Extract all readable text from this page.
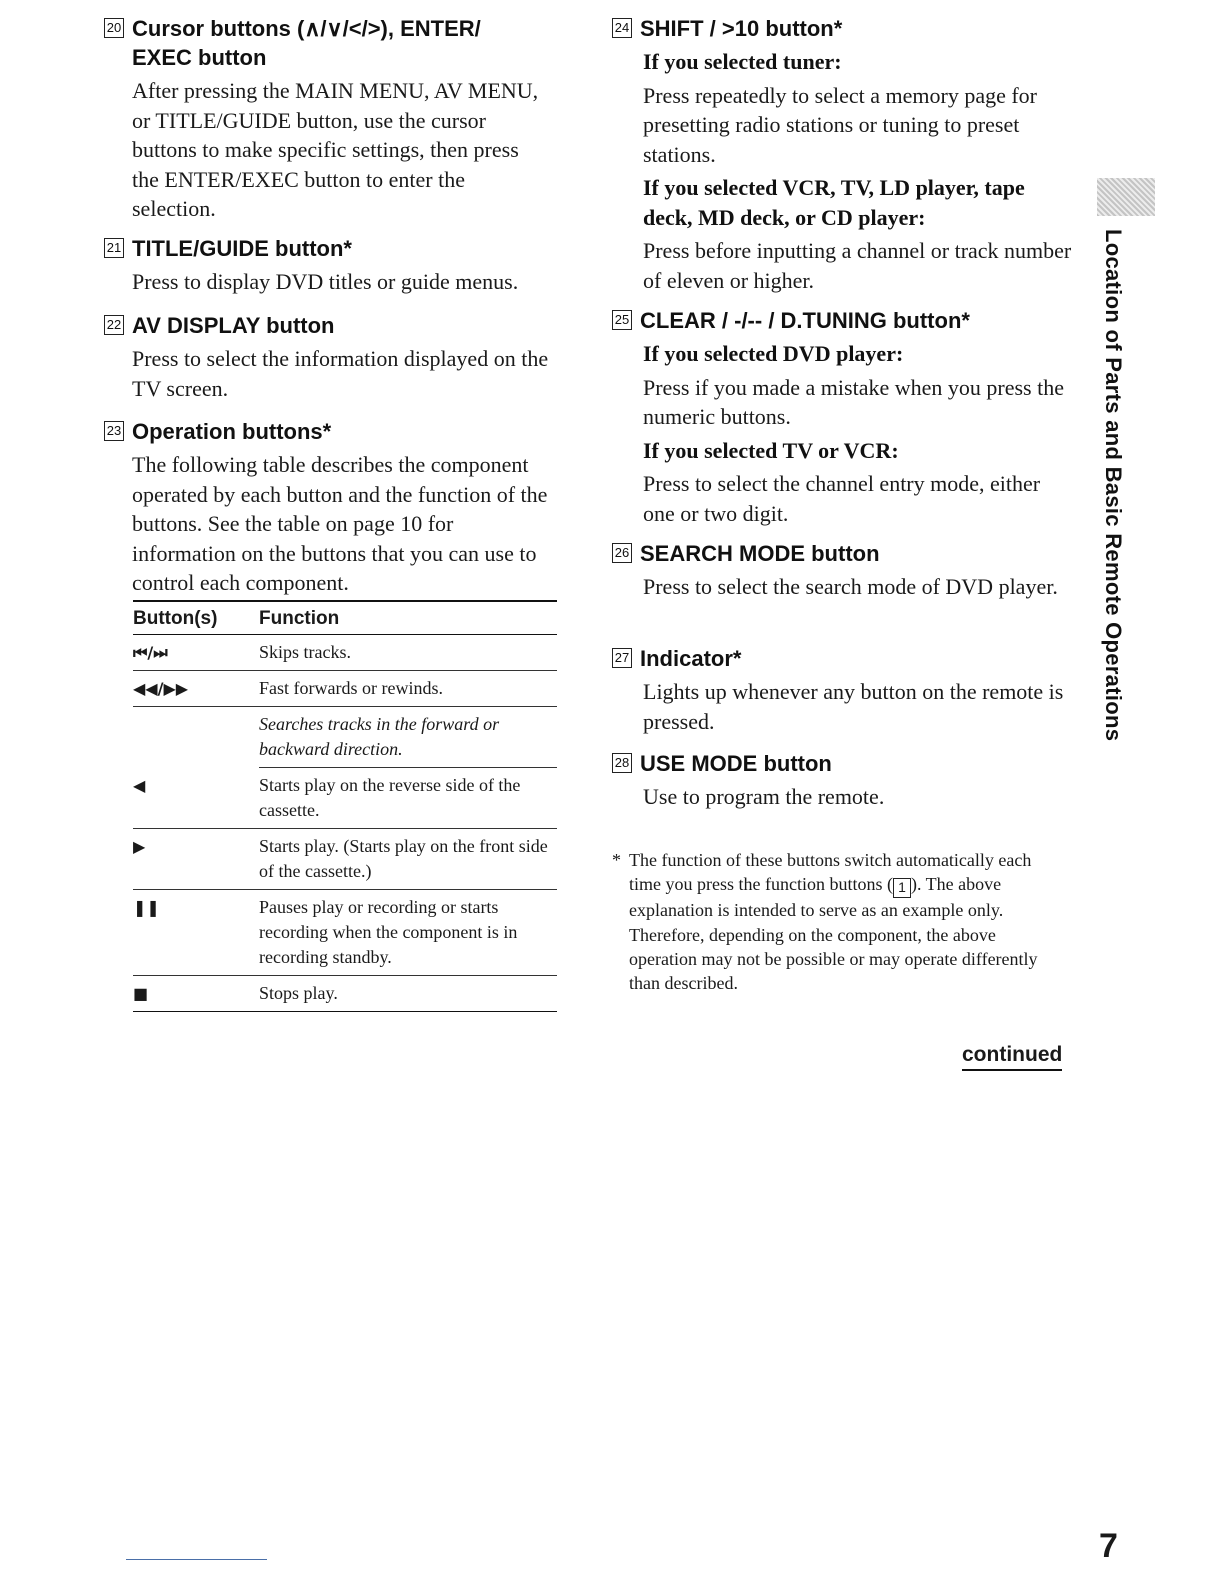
20 Cursor buttons (∧/∨/</>), ENTER/ EXEC button

After pressing the MAIN MENU, AV MENU, or TITLE/GUIDE button, use the cursor buttons to make specific settings, then press the ENTER/EXEC button to enter the selection.

21 TITLE/GUIDE button*

Press to display DVD titles or guide menus.

22 AV DISPLAY button

Press to select the information displayed on the TV screen.

23 Operation buttons*

The following table describes the component operated by each button and the function of the buttons. See the table on page 10 for information on the buttons that you can use to control each component.

Button(s)	Function
⏮/⏭	Skips tracks.
◀◀/▶▶	Fast forwards or rewinds.
	Searches tracks in the forward or backward direction.
◀	Starts play on the reverse side of the cassette.
▶	Starts play. (Starts play on the front side of the cassette.)
❚❚	Pauses play or recording or starts recording when the component is in recording standby.
■	Stops play.
24 SHIFT / >10 button*
If you selected tuner:
Press repeatedly to select a memory page for presetting radio stations or tuning to preset stations.
If you selected VCR, TV, LD player, tape deck, MD deck, or CD player:
Press before inputting a channel or track number of eleven or higher.
25 CLEAR / -/-- / D.TUNING button*
If you selected DVD player:
Press if you made a mistake when you press the numeric buttons.
If you selected TV or VCR:
Press to select the channel entry mode, either one or two digit.
26 SEARCH MODE button
Press to select the search mode of DVD player.
27 Indicator*
Lights up whenever any button on the remote is pressed.
28 USE MODE button
Use to program the remote.
* The function of these buttons switch automatically each time you press the function buttons ( 1 ). The above explanation is intended to serve as an example only. Therefore, depending on the component, the above operation may not be possible or may operate differently than described.
continued
Location of Parts and Basic Remote Operations
7
